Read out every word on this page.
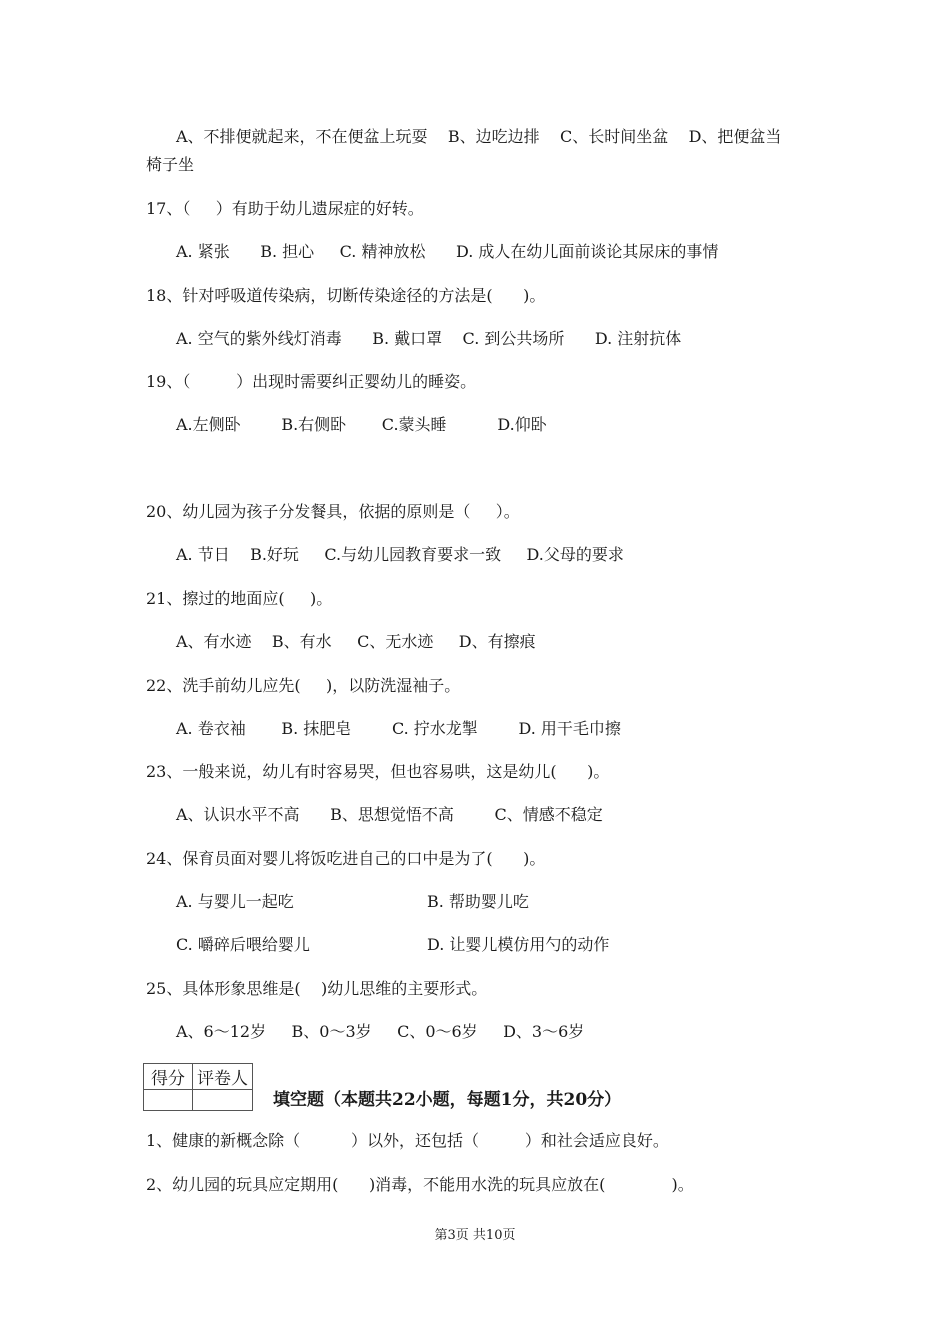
A、不排便就起来，不在便盆上玩耍    B、边吃边排    C、长时间坐盆    D、把便盆当
椅子坐
17、（     ）有助于幼儿遗尿症的好转。
A. 紧张      B. 担心     C. 精神放松      D. 成人在幼儿面前谈论其尿床的事情
18、针对呼吸道传染病，切断传染途径的方法是(      )。
A. 空气的紫外线灯消毒      B. 戴口罩    C. 到公共场所      D. 注射抗体
19、（         ）出现时需要纠正婴幼儿的睡姿。
A.左侧卧        B.右侧卧       C.蒙头睡          D.仰卧
20、幼儿园为孩子分发餐具，依据的原则是（     ）。
A. 节日    B.好玩     C.与幼儿园教育要求一致     D.父母的要求
21、擦过的地面应(     )。
A、有水迹    B、有水     C、无水迹     D、有擦痕
22、洗手前幼儿应先(     )，以防洗湿袖子。
A. 卷衣袖       B. 抹肥皂        C. 拧水龙掣        D. 用干毛巾擦
23、一般来说，幼儿有时容易哭，但也容易哄，这是幼儿(      )。
A、认识水平不高      B、思想觉悟不高        C、情感不稳定
24、保育员面对婴儿将饭吃进自己的口中是为了(      )。
A. 与婴儿一起吃	B. 帮助婴儿吃
C. 嚼碎后喂给婴儿	D. 让婴儿模仿用勺的动作
25、具体形象思维是(    )幼儿思维的主要形式。
A、6～12岁     B、0～3岁     C、0～6岁     D、3～6岁
得分	评卷人

填空题（本题共22小题，每题1分，共20分）
1、健康的新概念除（          ）以外，还包括（         ）和社会适应良好。
2、幼儿园的玩具应定期用(      )消毒，不能用水洗的玩具应放在(             )。
第3页 共10页
